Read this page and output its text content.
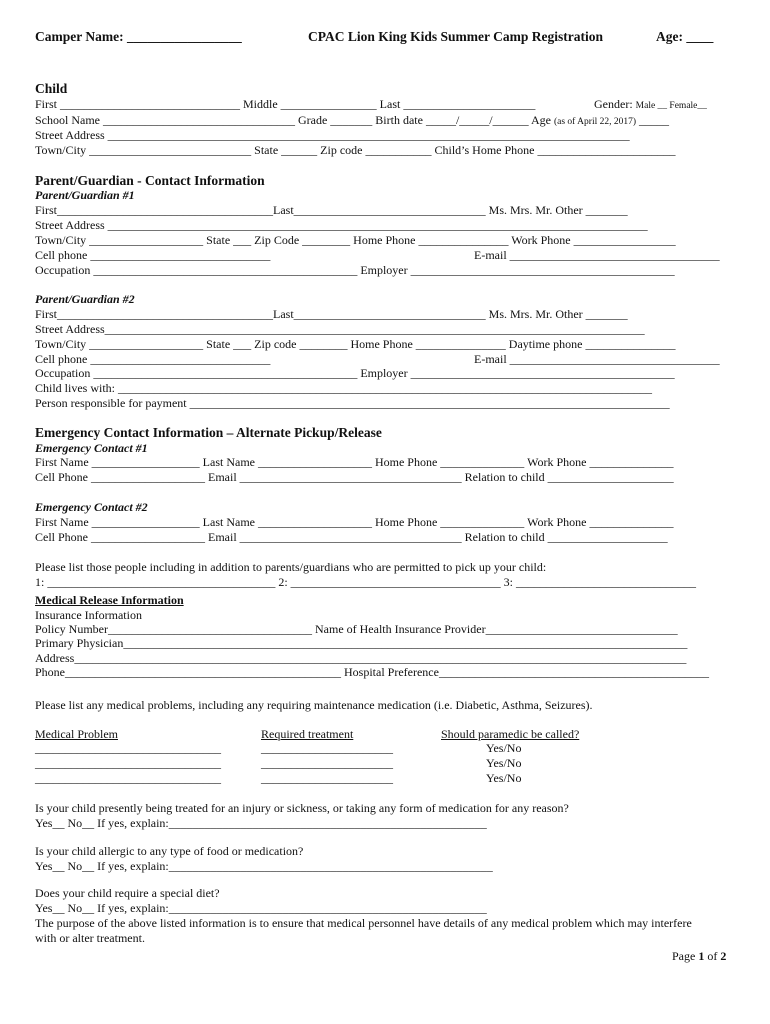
Camper Name: _________________	CPAC Lion King Kids Summer Camp Registration	Age: ____
Child
First ______________________________ Middle ________________ Last ______________________	Gender: Male __ Female__
School Name ________________________________ Grade _______ Birth date _____/_____/______ Age (as of April 22, 2017) _____
Street Address _______________________________________________________________________________________
Town/City ___________________________ State ______ Zip code ___________ Child’s Home Phone _______________________
Parent/Guardian - Contact Information
Parent/Guardian #1
First____________________________________Last________________________________ Ms. Mrs. Mr. Other _______
Street Address __________________________________________________________________________________________
Town/City ___________________ State ___ Zip Code ________ Home Phone _______________ Work Phone _________________
Cell phone ______________________________	E-mail ___________________________________
Occupation ____________________________________________ Employer ____________________________________________
Parent/Guardian #2
First____________________________________Last________________________________ Ms. Mrs. Mr. Other _______
Street Address__________________________________________________________________________________________
Town/City ___________________ State ___ Zip code ________ Home Phone _______________ Daytime phone _______________
Cell phone ______________________________	E-mail ___________________________________
Occupation ____________________________________________ Employer ____________________________________________
Child lives with: _________________________________________________________________________________________
Person responsible for payment ________________________________________________________________________________
Emergency Contact Information – Alternate Pickup/Release
Emergency Contact #1
First Name __________________ Last Name ___________________ Home Phone ______________ Work Phone ______________
Cell Phone ___________________ Email _____________________________________ Relation to child _____________________
Emergency Contact #2
First Name __________________ Last Name ___________________ Home Phone ______________ Work Phone ______________
Cell Phone ___________________ Email _____________________________________ Relation to child ____________________
Please list those people including in addition to parents/guardians who are permitted to pick up your child:
1: ______________________________________ 2: ___________________________________ 3: ______________________________
Medical Release Information
Insurance Information
Policy Number__________________________________ Name of Health Insurance Provider________________________________
Primary Physician______________________________________________________________________________________________
Address______________________________________________________________________________________________________
Phone______________________________________________ Hospital Preference_____________________________________________
Please list any medical problems, including any requiring maintenance medication (i.e. Diabetic, Asthma, Seizures).
Medical Problem	Required treatment	Should paramedic be called?
_______________________________	______________________	Yes/No
_______________________________	______________________	Yes/No
_______________________________	______________________	Yes/No
Is your child presently being treated for an injury or sickness, or taking any form of medication for any reason?
Yes__ No__ If yes, explain:_____________________________________________________
Is your child allergic to any type of food or medication?
Yes__ No__ If yes, explain:______________________________________________________
Does your child require a special diet?
Yes__ No__ If yes, explain:_____________________________________________________
The purpose of the above listed information is to ensure that medical personnel have details of any medical problem which may interfere
with or alter treatment.
Page 1 of 2
